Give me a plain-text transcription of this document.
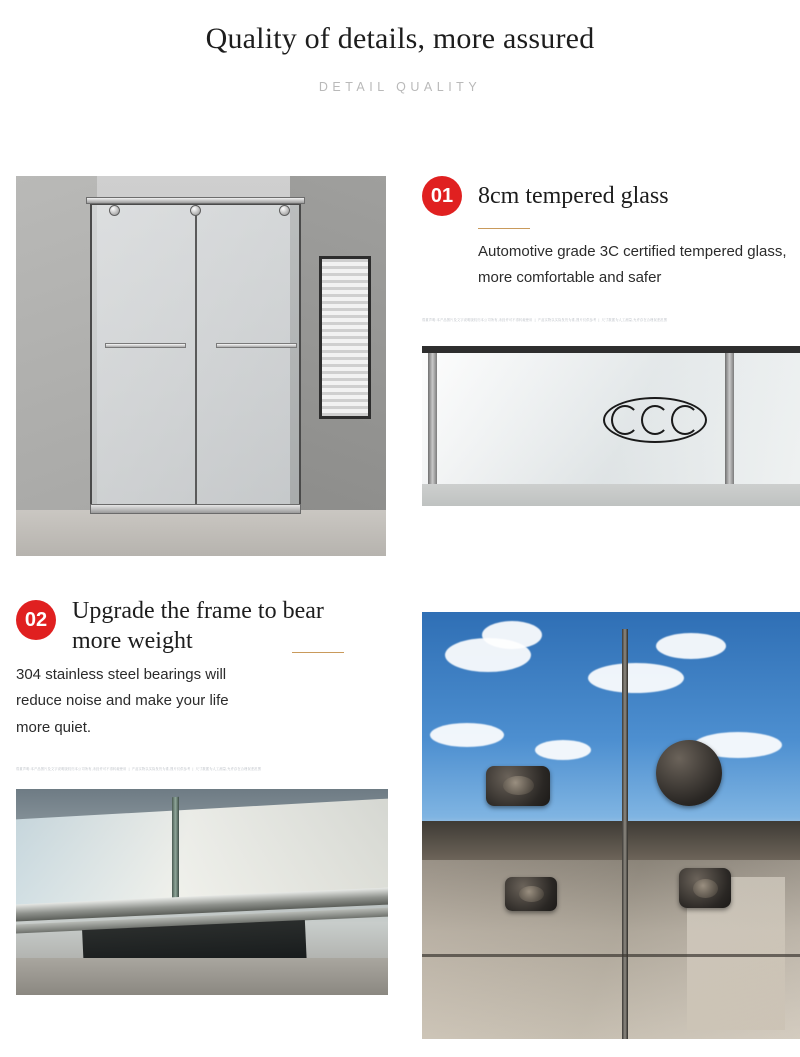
Quality of details, more assured
DETAIL QUALITY
01	8cm tempered glass
Automotive grade 3C certified tempered glass, more comfortable and safer
郑重声明:本产品图片及文字说明版权归本公司所有,未经许可不得转载使用 | 产品实物以实际发货为准,图片仅供参考 | 尺寸数据为人工测量,允许存在合理误差范围
02	Upgrade the frame to bear more weight
304 stainless steel bearings will reduce noise and make your life more quiet.
郑重声明:本产品图片及文字说明版权归本公司所有,未经许可不得转载使用 | 产品实物以实际发货为准,图片仅供参考 | 尺寸数据为人工测量,允许存在合理误差范围
